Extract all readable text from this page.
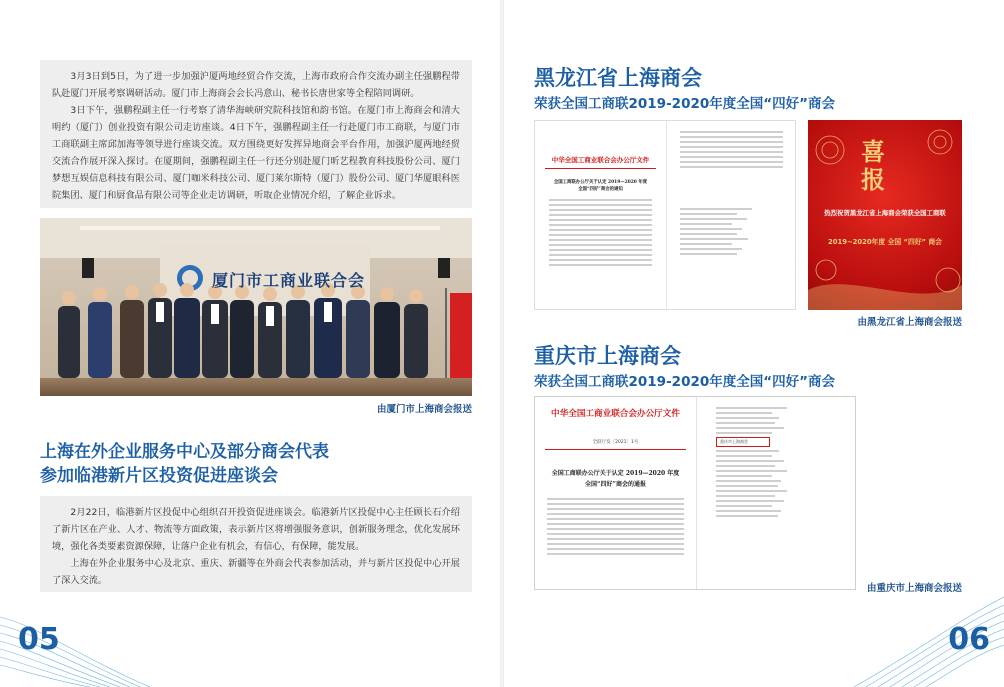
3月3日到5日，为了进一步加强沪厦两地经贸合作交流，上海市政府合作交流办副主任强鹏程带队赴厦门开展考察调研活动。厦门市上海商会会长冯意山、秘书长唐世家等全程陪同调研。

3日下午，强鹏程副主任一行考察了清华海峡研究院科技馆和韵书馆。在厦门市上海商会和清大明约（厦门）创业投资有限公司走访座谈。4日下午，强鹏程副主任一行赴厦门市工商联，与厦门市工商联副主席邱加海等领导进行座谈交流。双方围绕更好发挥异地商会平台作用，加强沪厦两地经贸交流合作展开深入探讨。在厦期间，强鹏程副主任一行还分别赴厦门昕艺程教育科技股份公司、厦门梦想互娱信息科技有限公司、厦门咖米科技公司、厦门莱尔斯特（厦门）股份公司、厦门华厦眼科医院集团、厦门和厨食品有限公司等企业走访调研，听取企业情况介绍，了解企业诉求。

厦门市工商业联合会
由厦门市上海商会报送
上海在外企业服务中心及部分商会代表
参加临港新片区投资促进座谈会

2月22日，临港新片区投促中心组织召开投资促进座谈会。临港新片区投促中心主任顾长石介绍了新片区在产业、人才、物流等方面政策，表示新片区将增强服务意识，创新服务理念，优化发展环境，强化各类要素资源保障，让落户企业有机会，有信心，有保障，能发展。

上海在外企业服务中心及北京、重庆、新疆等在外商会代表参加活动，并与新片区投促中心开展了深入交流。

05
黑龙江省上海商会
荣获全国工商联2019-2020年度全国“四好”商会
中华全国工商业联合会办公厅文件
全国工商联办公厅关于认定 2019—2020 年度全国“四好”商会的通知
喜报
热烈祝贺黑龙江省上海商会荣获全国工商联
2019~2020年度 全国 “四好” 商会
由黑龙江省上海商会报送
重庆市上海商会
荣获全国工商联2019-2020年度全国“四好”商会
中华全国工商业联合会办公厅文件
全联厅发〔2021〕1号
全国工商联办公厅关于认定 2019—2020 年度
全国“四好”商会的通报
重庆市上海商会
由重庆市上海商会报送
06
